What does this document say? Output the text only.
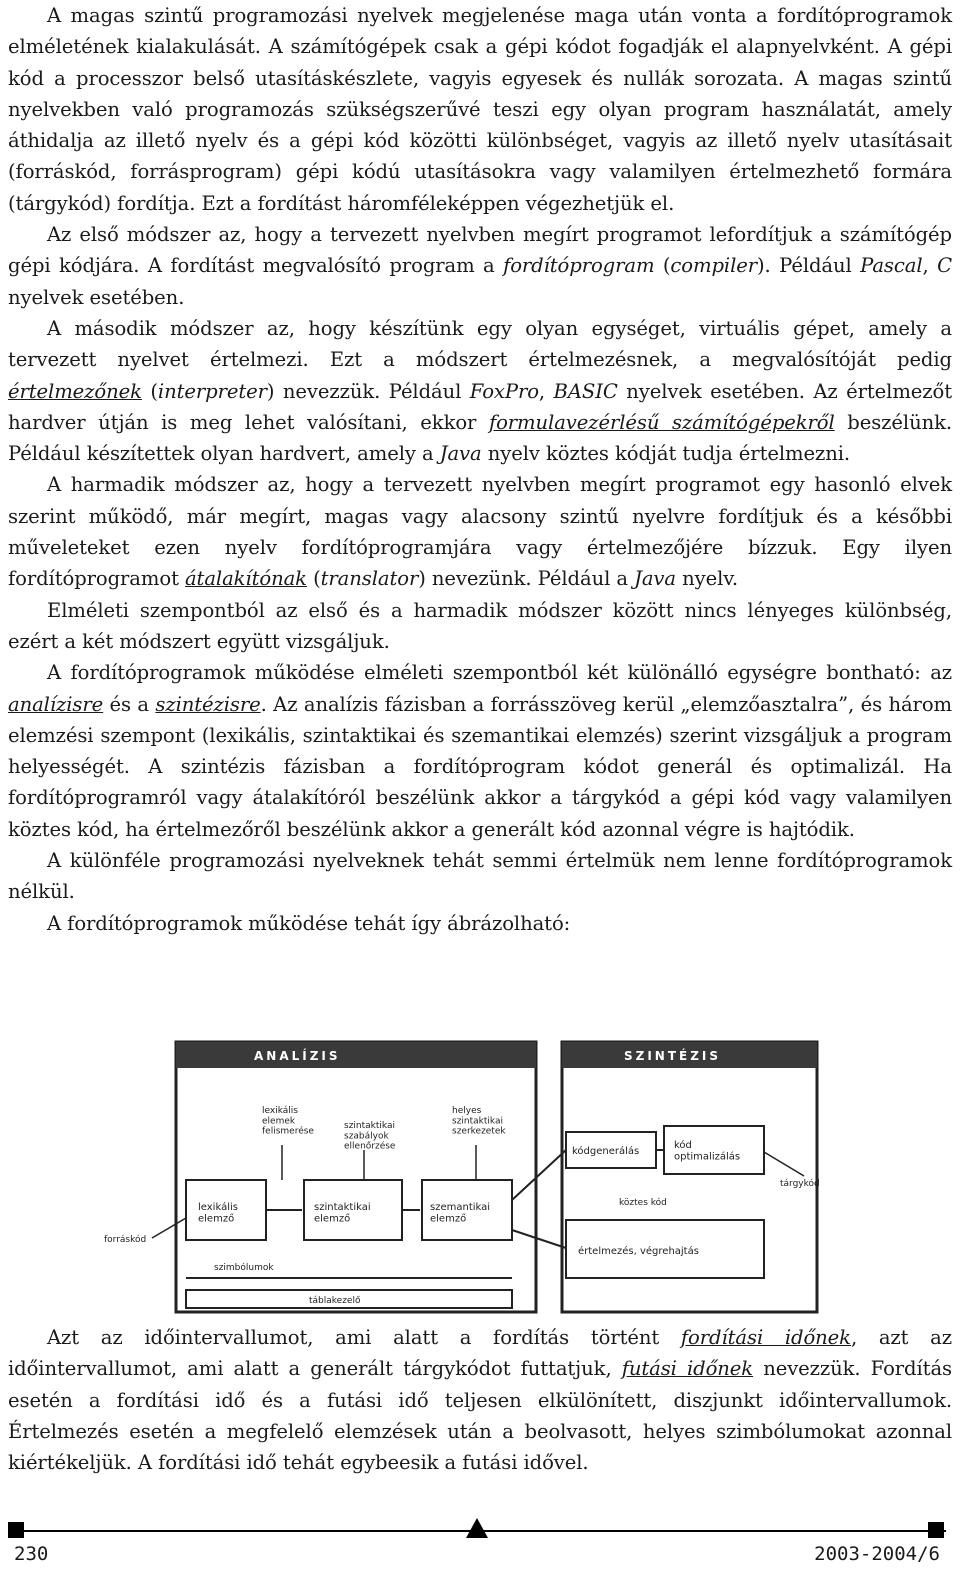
A magas szintű programozási nyelvek megjelenése maga után vonta a fordítóprogramok elméletének kialakulását. A számítógépek csak a gépi kódot fogadják el alapnyelvként. A gépi kód a processzor belső utasításkészlete, vagyis egyesek és nullák sorozata. A magas szintű nyelvekben való programozás szükségszerűvé teszi egy olyan program használatát, amely áthidalja az illető nyelv és a gépi kód közötti különbséget, vagyis az illető nyelv utasításait (forráskód, forrásprogram) gépi kódú utasításokra vagy valamilyen értelmezhető formára (tárgykód) fordítja. Ezt a fordítást háromféleképpen végezhetjük el.

Az első módszer az, hogy a tervezett nyelvben megírt programot lefordítjuk a számítógép gépi kódjára. A fordítást megvalósító program a fordítóprogram (compiler). Például Pascal, C nyelvek esetében.

A második módszer az, hogy készítünk egy olyan egységet, virtuális gépet, amely a tervezett nyelvet értelmezi. Ezt a módszert értelmezésnek, a megvalósítóját pedig értelmezőnek (interpreter) nevezzük. Például FoxPro, BASIC nyelvek esetében. Az értelmezőt hardver útján is meg lehet valósítani, ekkor formulavezérlésű számítógépekről beszélünk. Például készítettek olyan hardvert, amely a Java nyelv köztes kódját tudja értelmezni.

A harmadik módszer az, hogy a tervezett nyelvben megírt programot egy hasonló elvek szerint működő, már megírt, magas vagy alacsony szintű nyelvre fordítjuk és a későbbi műveleteket ezen nyelv fordítóprogramjára vagy értelmezőjére bízzuk. Egy ilyen fordítóprogramot átalakítónak (translator) nevezünk. Például a Java nyelv.

Elméleti szempontból az első és a harmadik módszer között nincs lényeges különbség, ezért a két módszert együtt vizsgáljuk.

A fordítóprogramok működése elméleti szempontból két különálló egységre bontható: az analízisre és a szintézisre. Az analízis fázisban a forrásszöveg kerül „elemzőasztalra”, és három elemzési szempont (lexikális, szintaktikai és szemantikai elemzés) szerint vizsgáljuk a program helyességét. A szintézis fázisban a fordítóprogram kódot generál és optimalizál. Ha fordítóprogramról vagy átalakítóról beszélünk akkor a tárgykód a gépi kód vagy valamilyen köztes kód, ha értelmezőről beszélünk akkor a generált kód azonnal végre is hajtódik.

A különféle programozási nyelveknek tehát semmi értelmük nem lenne fordítóprogramok nélkül.

A fordítóprogramok működése tehát így ábrázolható:

ANALÍZIS	SZINTÉZIS
lexikális elemek felismerése
szintaktikai szabályok ellenőrzése
helyes szintaktikai szerkezetek
lexikális elemző
szintaktikai elemző
szemantikai elemző
kódgenerálás
kód optimalizálás
köztes kód
értelmezés, végrehajtás
forráskód
tárgykód
szimbólumok
táblakezelő

Azt az időintervallumot, ami alatt a fordítás történt fordítási időnek, azt az időintervallumot, ami alatt a generált tárgykódot futtatjuk, futási időnek nevezzük. Fordítás esetén a fordítási idő és a futási idő teljesen elkülönített, diszjunkt időintervallumok. Értelmezés esetén a megfelelő elemzések után a beolvasott, helyes szimbólumokat azonnal kiértékeljük. A fordítási idő tehát egybeesik a futási idővel.

230	2003-2004/6
